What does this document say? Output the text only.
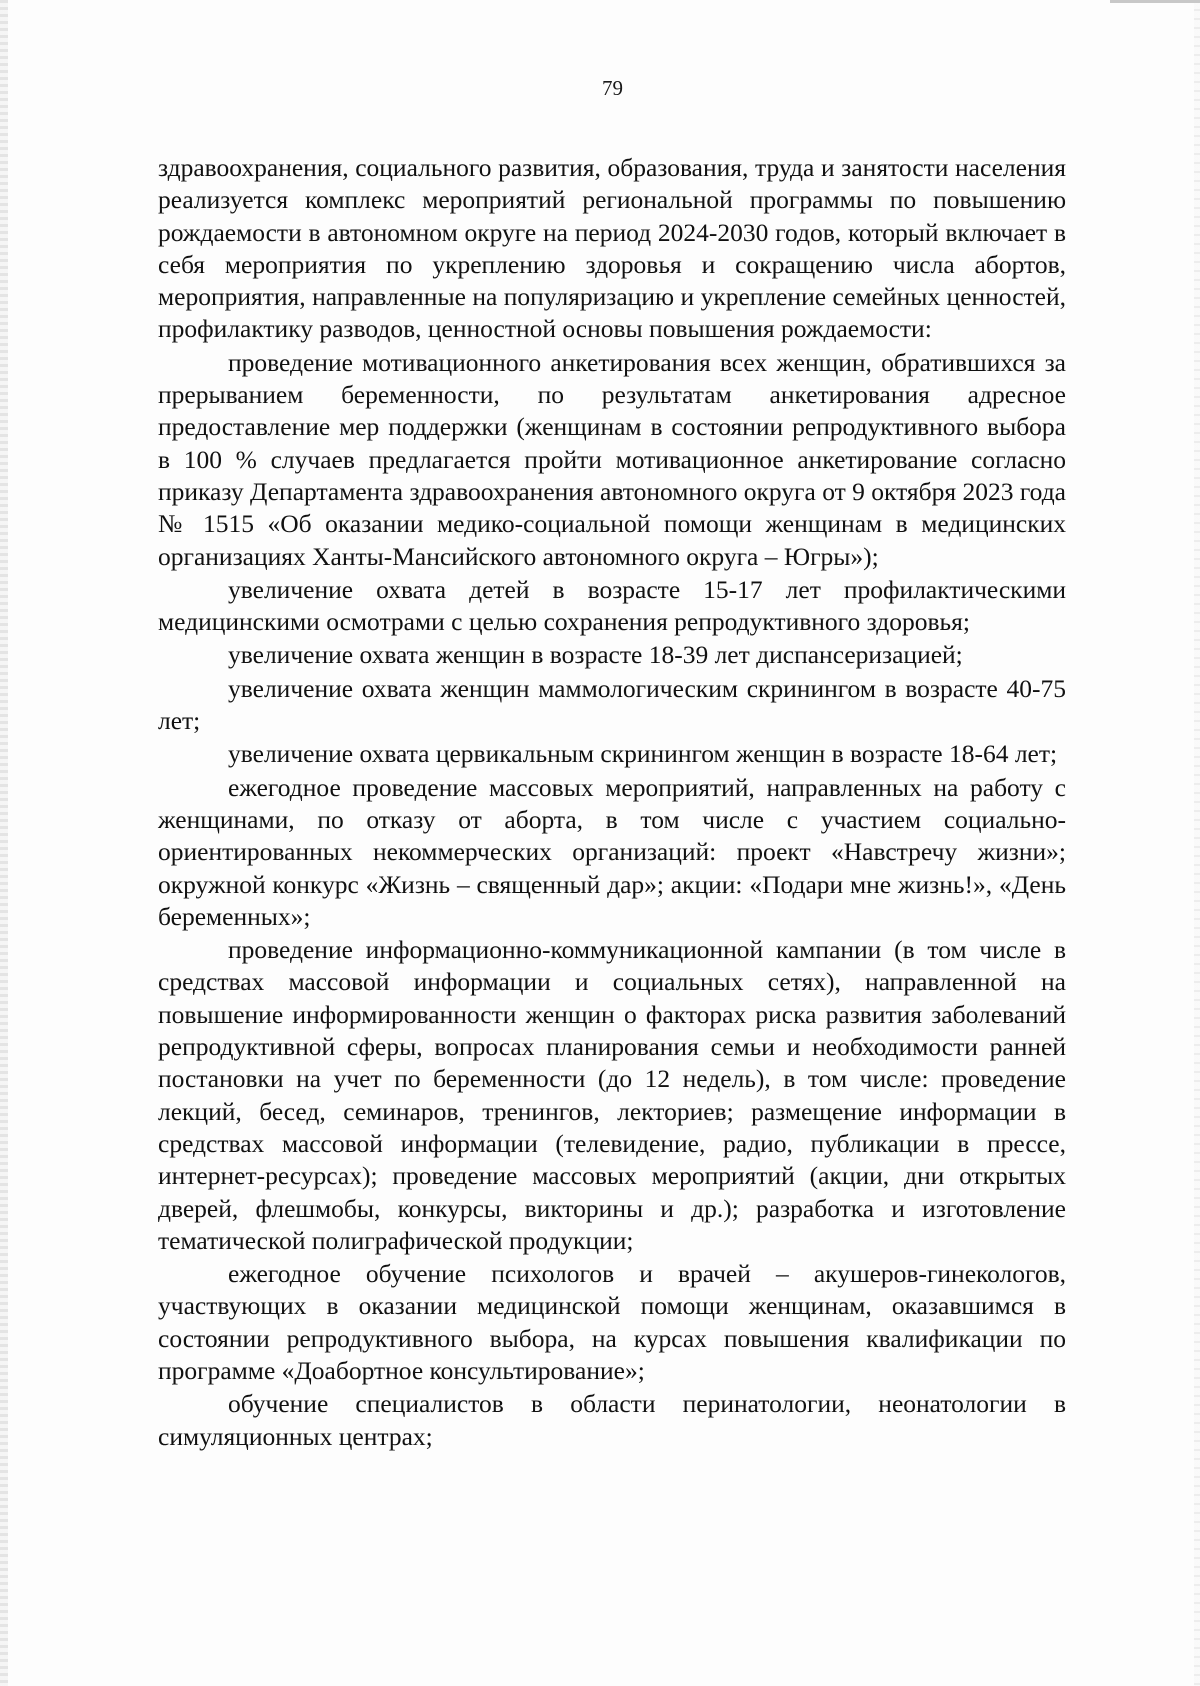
79

здравоохранения, социального развития, образования, труда и занятости населения реализуется комплекс мероприятий региональной программы по повышению рождаемости в автономном округе на период 2024-2030 годов, который включает в себя мероприятия по укреплению здоровья и сокращению числа абортов, мероприятия, направленные на популяризацию и укрепление семейных ценностей, профилактику разводов, ценностной основы повышения рождаемости:

проведение мотивационного анкетирования всех женщин, обратившихся за прерыванием беременности, по результатам анкетирования адресное предоставление мер поддержки (женщинам в состоянии репродуктивного выбора в 100 % случаев предлагается пройти мотивационное анкетирование согласно приказу Департамента здравоохранения автономного округа от 9 октября 2023 года № 1515 «Об оказании медико-социальной помощи женщинам в медицинских организациях Ханты-Мансийского автономного округа – Югры»);

увеличение охвата детей в возрасте 15-17 лет профилактическими медицинскими осмотрами с целью сохранения репродуктивного здоровья;

увеличение охвата женщин в возрасте 18-39 лет диспансеризацией;

увеличение охвата женщин маммологическим скринингом в возрасте 40-75 лет;

увеличение охвата цервикальным скринингом женщин в возрасте 18-64 лет;

ежегодное проведение массовых мероприятий, направленных на работу с женщинами, по отказу от аборта, в том числе с участием социально-ориентированных некоммерческих организаций: проект «Навстречу жизни»; окружной конкурс «Жизнь – священный дар»; акции: «Подари мне жизнь!», «День беременных»;

проведение информационно-коммуникационной кампании (в том числе в средствах массовой информации и социальных сетях), направленной на повышение информированности женщин о факторах риска развития заболеваний репродуктивной сферы, вопросах планирования семьи и необходимости ранней постановки на учет по беременности (до 12 недель), в том числе: проведение лекций, бесед, семинаров, тренингов, лекториев; размещение информации в средствах массовой информации (телевидение, радио, публикации в прессе, интернет-ресурсах); проведение массовых мероприятий (акции, дни открытых дверей, флешмобы, конкурсы, викторины и др.); разработка и изготовление тематической полиграфической продукции;

ежегодное обучение психологов и врачей – акушеров-гинекологов, участвующих в оказании медицинской помощи женщинам, оказавшимся в состоянии репродуктивного выбора, на курсах повышения квалификации по программе «Доабортное консультирование»;

обучение специалистов в области перинатологии, неонатологии в симуляционных центрах;
